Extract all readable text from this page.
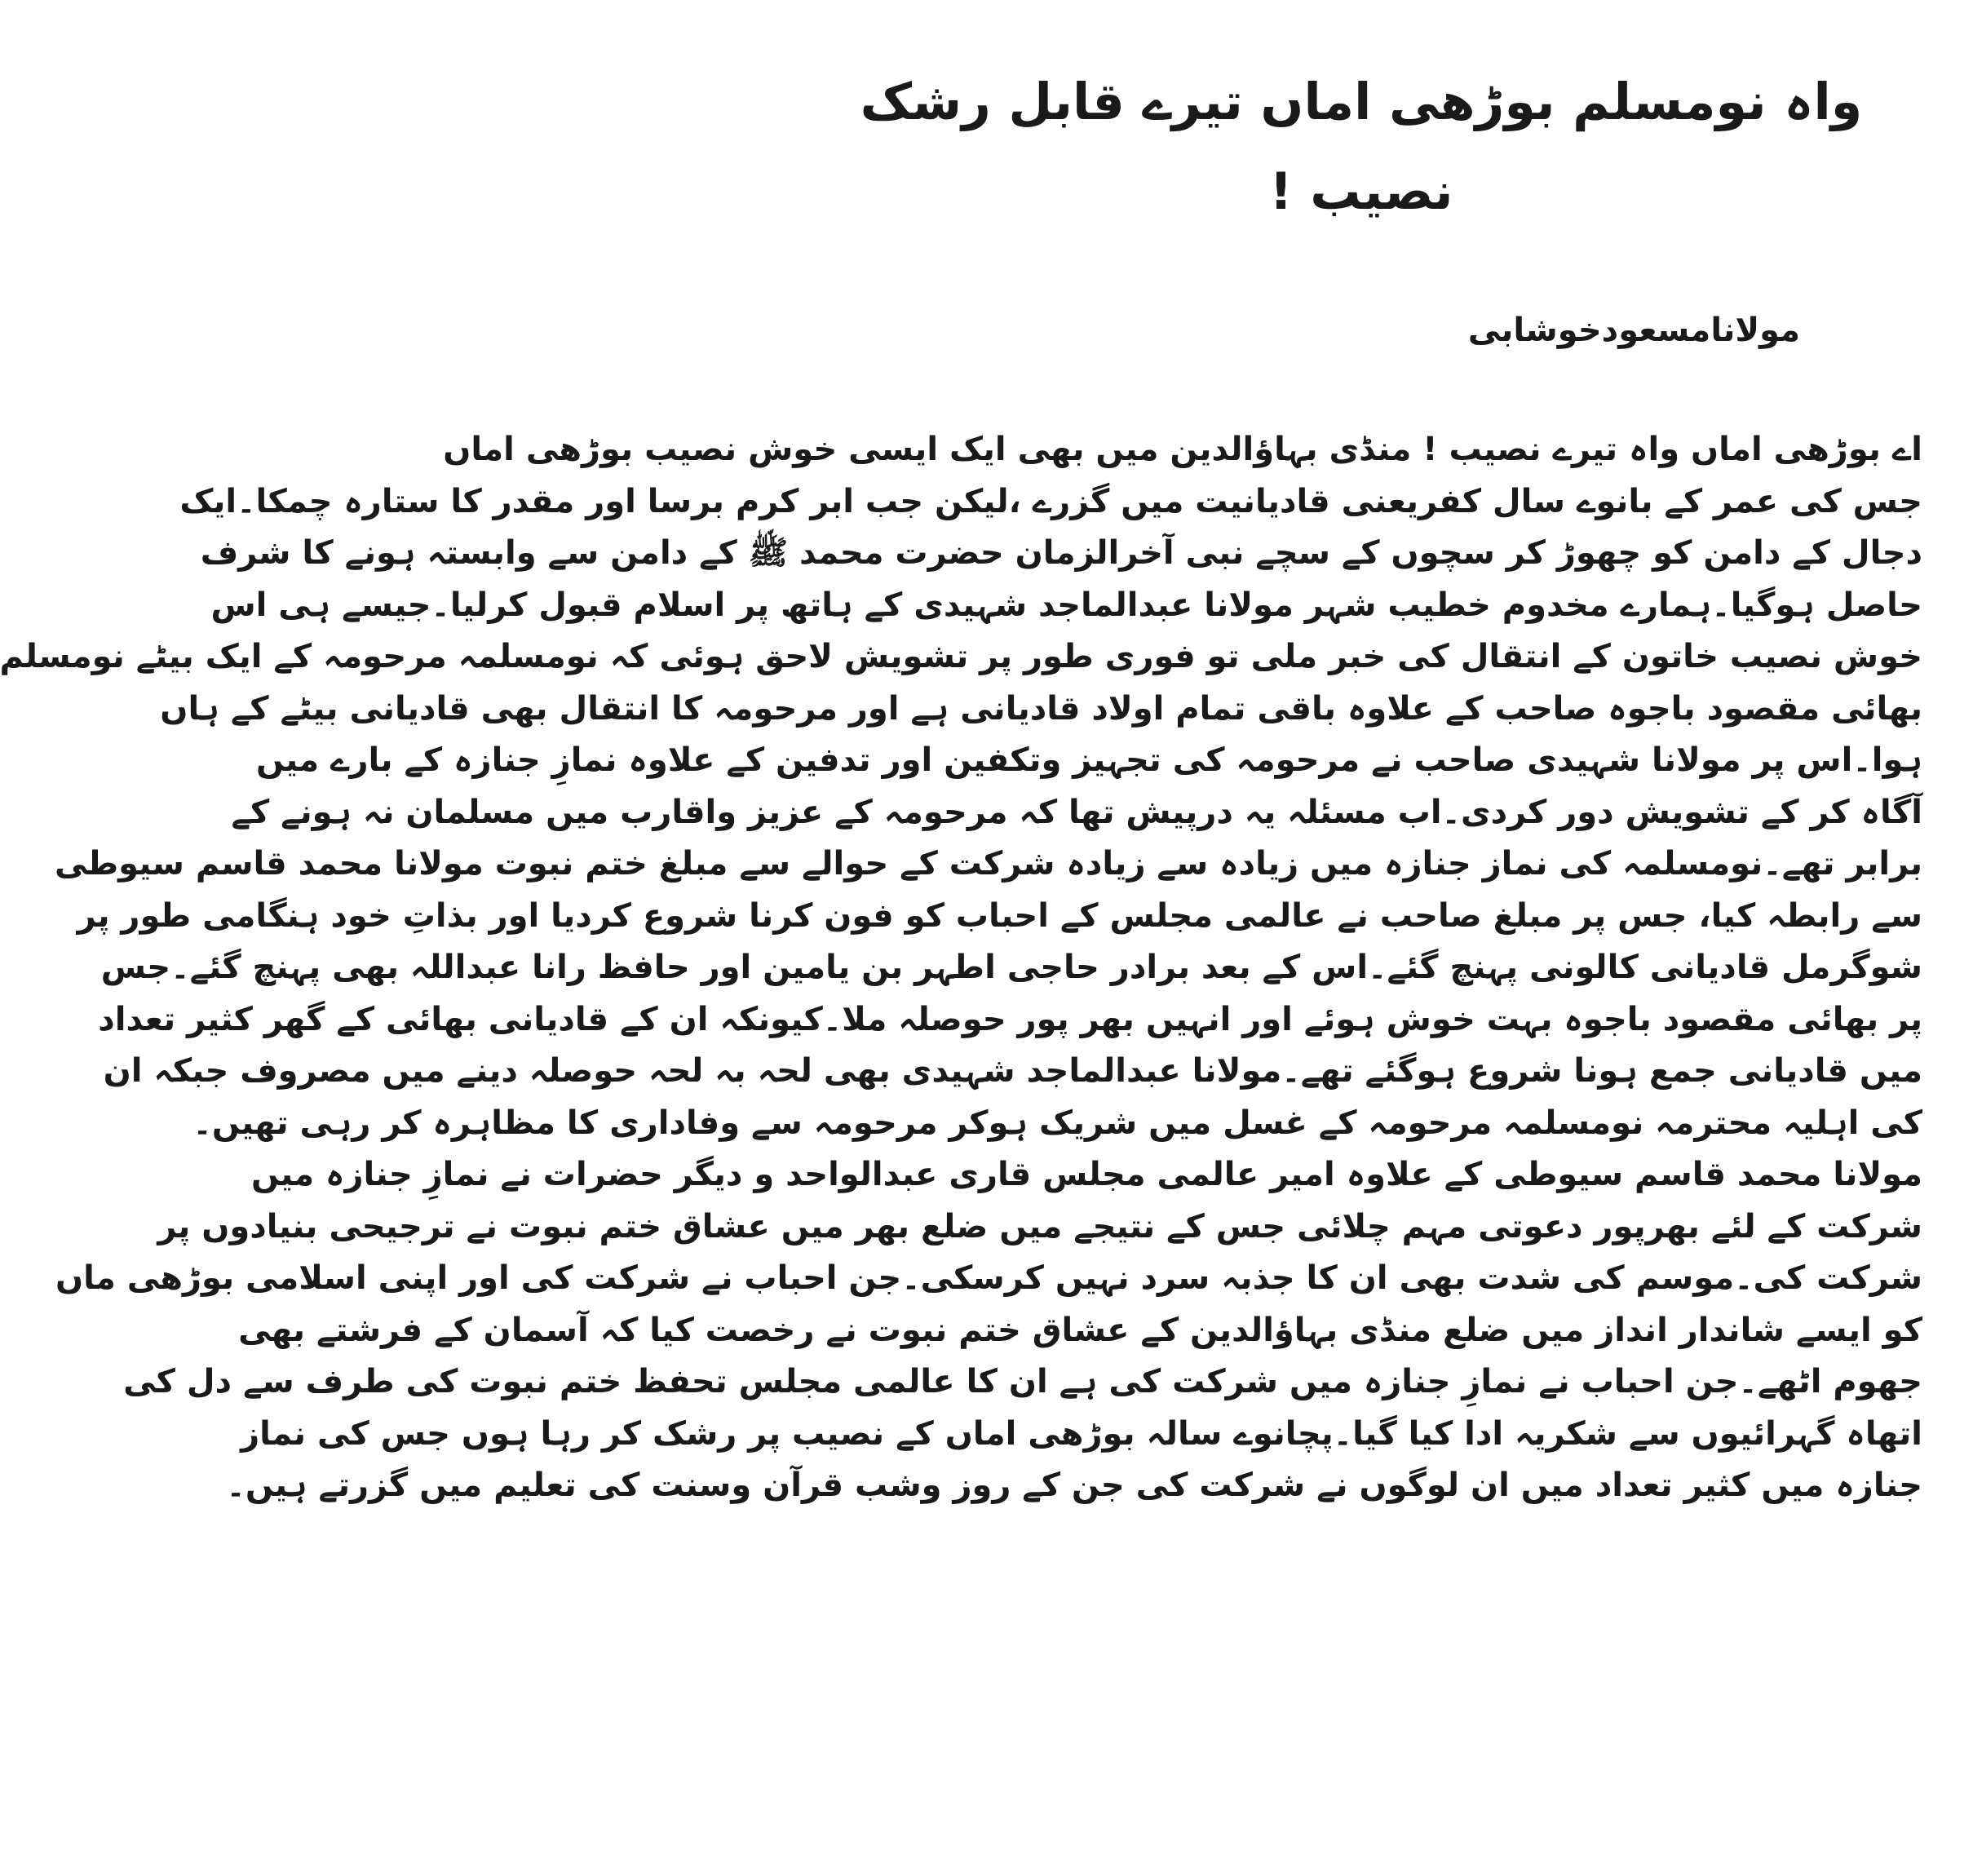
واہ نومسلم بوڑھی اماں تیرے قابل رشک نصیب !
مولانامسعودخوشابی
اے بوڑھی اماں واہ تیرے نصیب ! منڈی بہاؤالدین میں بھی ایک ایسی خوش نصیب بوڑھی اماں
جس کی عمر کے بانوے سال کفریعنی قادیانیت میں گزرے ،لیکن جب ابر کرم برسا اور مقدر کا ستارہ چمکا۔ایک
دجال کے دامن کو چھوڑ کر سچوں کے سچے نبی آخرالزمان حضرت محمد ﷺ کے دامن سے وابستہ ہونے کا شرف
حاصل ہوگیا۔ہمارے مخدوم خطیب شہر مولانا عبدالماجد شہیدی کے ہاتھ پر اسلام قبول کرلیا۔جیسے ہی اس
خوش نصیب خاتون کے انتقال کی خبر ملی تو فوری طور پر تشویش لاحق ہوئی کہ نومسلمہ مرحومہ کے ایک بیٹے نومسلم
بھائی مقصود باجوہ صاحب کے علاوہ باقی تمام اولاد قادیانی ہے اور مرحومہ کا انتقال بھی قادیانی بیٹے کے ہاں
ہوا۔اس پر مولانا شہیدی صاحب نے مرحومہ کی تجہیز وتکفین اور تدفین کے علاوہ نمازِ جنازہ کے بارے میں
آگاہ کر کے تشویش دور کردی۔اب مسئلہ یہ درپیش تھا کہ مرحومہ کے عزیز واقارب میں مسلمان نہ ہونے کے
برابر تھے۔نومسلمہ کی نماز جنازہ میں زیادہ سے زیادہ شرکت کے حوالے سے مبلغ ختم نبوت مولانا محمد قاسم سیوطی
سے رابطہ کیا، جس پر مبلغ صاحب نے عالمی مجلس کے احباب کو فون کرنا شروع کردیا اور بذاتِ خود ہنگامی طور پر
شوگرمل قادیانی کالونی پہنچ گئے۔اس کے بعد برادر حاجی اطہر بن یامین اور حافظ رانا عبداللہ بھی پہنچ گئے۔جس
پر بھائی مقصود باجوہ بہت خوش ہوئے اور انہیں بھر پور حوصلہ ملا۔کیونکہ ان کے قادیانی بھائی کے گھر کثیر تعداد
میں قادیانی جمع ہونا شروع ہوگئے تھے۔مولانا عبدالماجد شہیدی بھی لحہ بہ لحہ حوصلہ دینے میں مصروف جبکہ ان
کی اہلیہ محترمہ نومسلمہ مرحومہ کے غسل میں شریک ہوکر مرحومہ سے وفاداری کا مظاہرہ کر رہی تھیں۔
مولانا محمد قاسم سیوطی کے علاوہ امیر عالمی مجلس قاری عبدالواحد و دیگر حضرات نے نمازِ جنازہ میں
شرکت کے لئے بھرپور دعوتی مہم چلائی جس کے نتیجے میں ضلع بھر میں عشاق ختم نبوت نے ترجیحی بنیادوں پر
شرکت کی۔موسم کی شدت بھی ان کا جذبہ سرد نہیں کرسکی۔جن احباب نے شرکت کی اور اپنی اسلامی بوڑھی ماں
کو ایسے شاندار انداز میں ضلع منڈی بہاؤالدین کے عشاق ختم نبوت نے رخصت کیا کہ آسمان کے فرشتے بھی
جھوم اٹھے۔جن احباب نے نمازِ جنازہ میں شرکت کی ہے ان کا عالمی مجلس تحفظ ختم نبوت کی طرف سے دل کی
اتھاہ گہرائیوں سے شکریہ ادا کیا گیا۔پچانوے سالہ بوڑھی اماں کے نصیب پر رشک کر رہا ہوں جس کی نماز
جنازہ میں کثیر تعداد میں ان لوگوں نے شرکت کی جن کے روز وشب قرآن وسنت کی تعلیم میں گزرتے ہیں۔
